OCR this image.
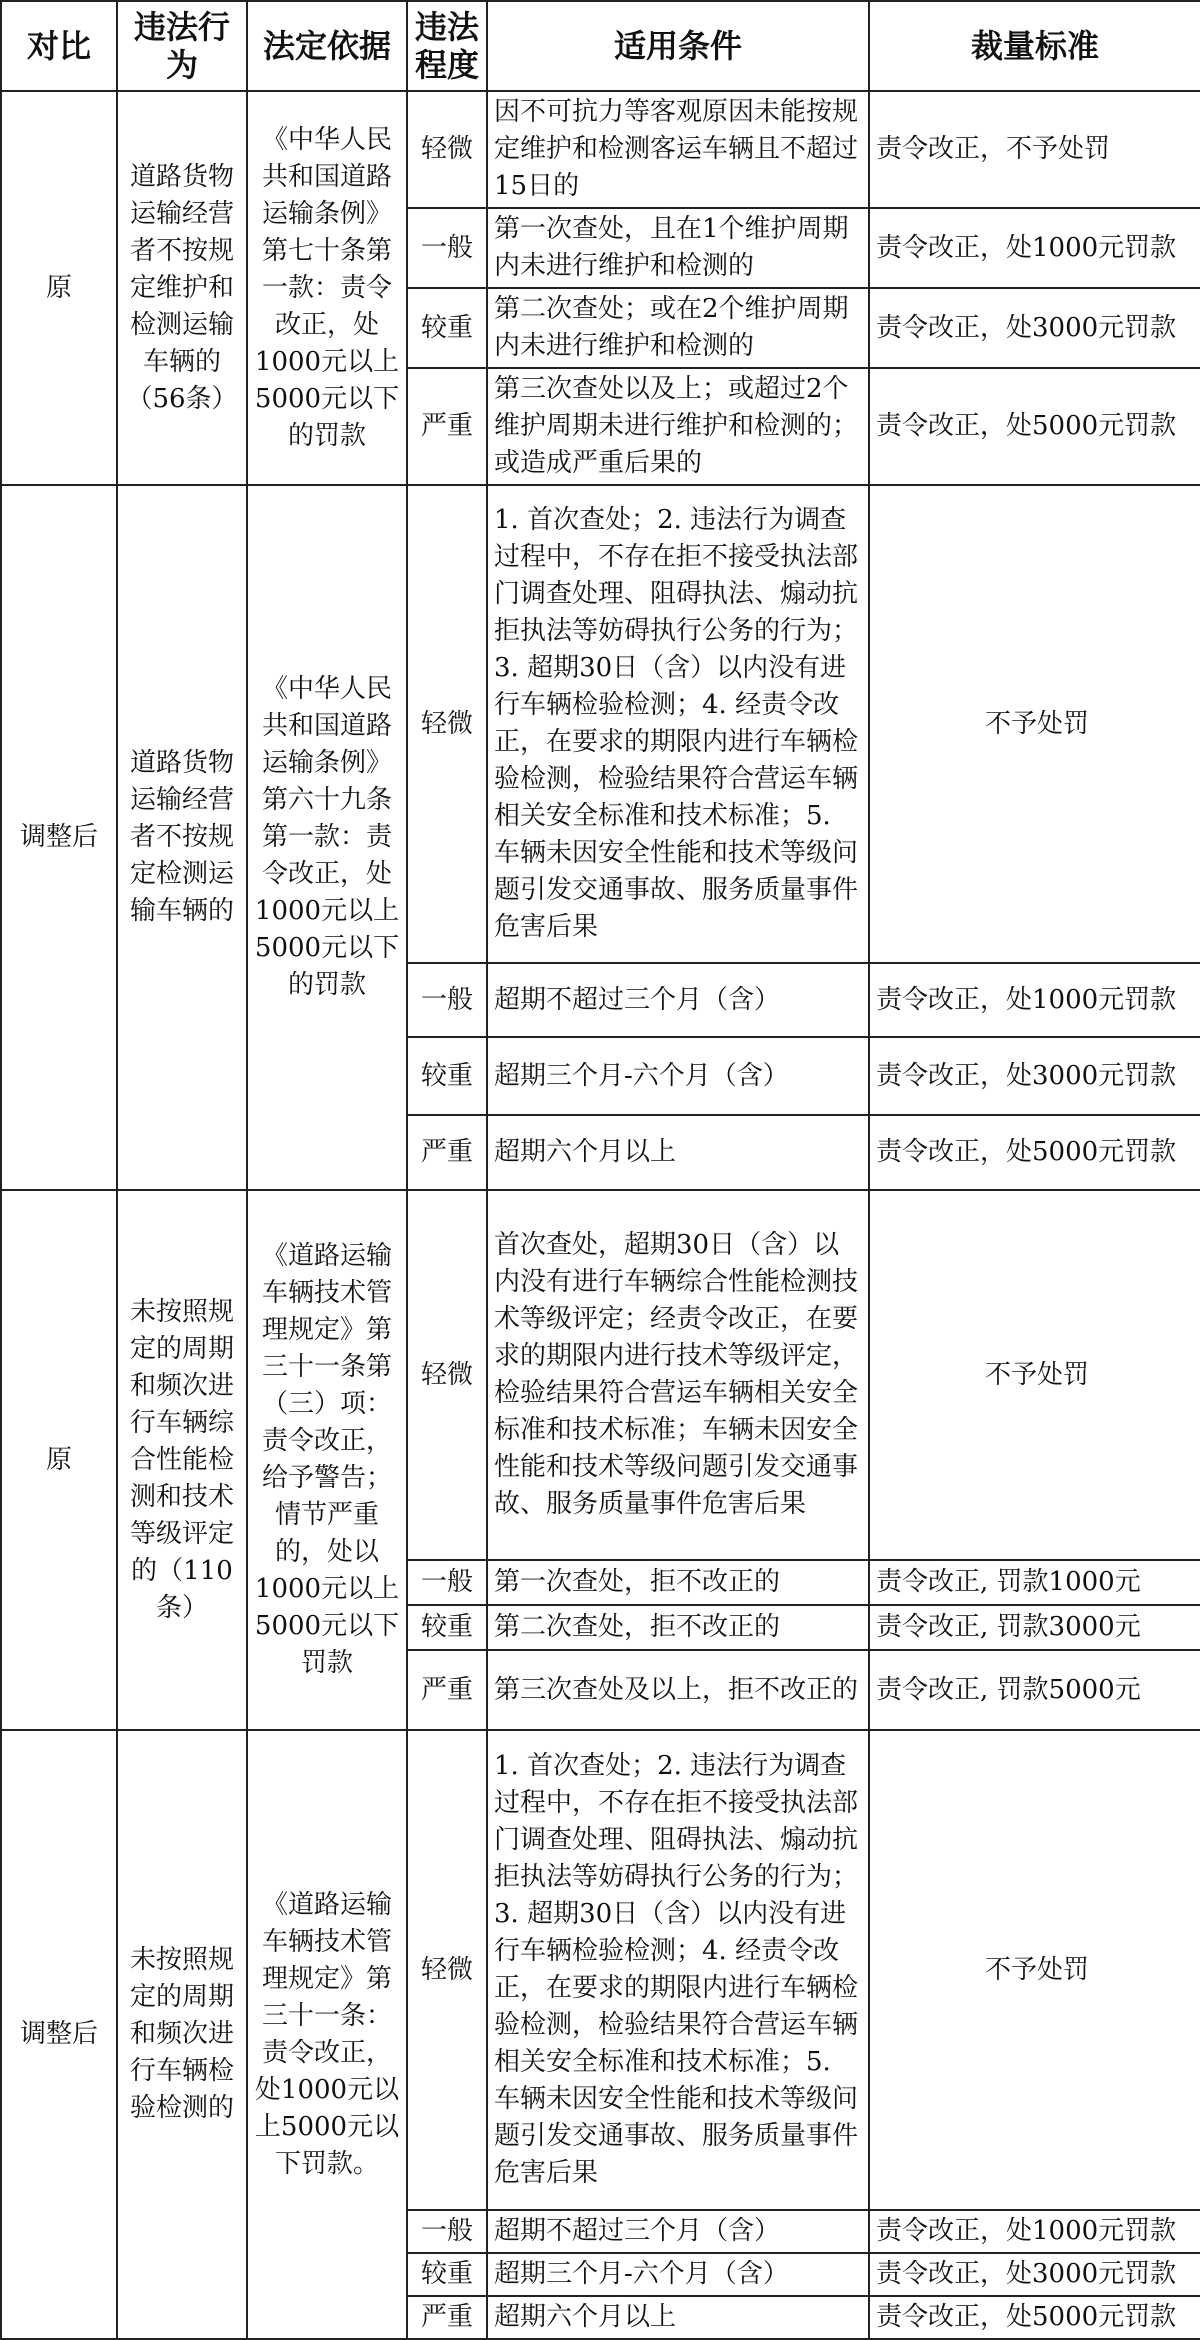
对比	违法行为	法定依据	违法程度	适用条件	裁量标准
原	道路货物运输经营者不按规定维护和检测运输车辆的（56条）	《中华人民共和国道路运输条例》第七十条第一款：责令改正，处1000元以上5000元以下的罚款	轻微	因不可抗力等客观原因未能按规定维护和检测客运车辆且不超过15日的	责令改正，不予处罚
			一般	第一次查处，且在1个维护周期内未进行维护和检测的	责令改正，处1000元罚款
			较重	第二次查处；或在2个维护周期内未进行维护和检测的	责令改正，处3000元罚款
			严重	第三次查处以及上；或超过2个维护周期未进行维护和检测的；或造成严重后果的	责令改正，处5000元罚款
调整后	道路货物运输经营者不按规定检测运输车辆的	《中华人民共和国道路运输条例》第六十九条第一款：责令改正，处1000元以上5000元以下的罚款	轻微	1. 首次查处；2. 违法行为调查过程中，不存在拒不接受执法部门调查处理、阻碍执法、煽动抗拒执法等妨碍执行公务的行为；3. 超期30日（含）以内没有进行车辆检验检测；4. 经责令改正，在要求的期限内进行车辆检验检测，检验结果符合营运车辆相关安全标准和技术标准；5. 车辆未因安全性能和技术等级问题引发交通事故、服务质量事件危害后果	不予处罚
			一般	超期不超过三个月（含）	责令改正，处1000元罚款
			较重	超期三个月-六个月（含）	责令改正，处3000元罚款
			严重	超期六个月以上	责令改正，处5000元罚款
原	未按照规定的周期和频次进行车辆综合性能检测和技术等级评定的（110条）	《道路运输车辆技术管理规定》第三十一条第（三）项：责令改正，给予警告；情节严重的，处以1000元以上5000元以下罚款	轻微	首次查处，超期30日（含）以内没有进行车辆综合性能检测技术等级评定；经责令改正，在要求的期限内进行技术等级评定，检验结果符合营运车辆相关安全标准和技术标准；车辆未因安全性能和技术等级问题引发交通事故、服务质量事件危害后果	不予处罚
			一般	第一次查处，拒不改正的	责令改正, 罚款1000元
			较重	第二次查处，拒不改正的	责令改正, 罚款3000元
			严重	第三次查处及以上，拒不改正的	责令改正, 罚款5000元
调整后	未按照规定的周期和频次进行车辆检验检测的	《道路运输车辆技术管理规定》第三十一条：责令改正，处1000元以上5000元以下罚款。	轻微	1. 首次查处；2. 违法行为调查过程中，不存在拒不接受执法部门调查处理、阻碍执法、煽动抗拒执法等妨碍执行公务的行为；3. 超期30日（含）以内没有进行车辆检验检测；4. 经责令改正，在要求的期限内进行车辆检验检测，检验结果符合营运车辆相关安全标准和技术标准；5. 车辆未因安全性能和技术等级问题引发交通事故、服务质量事件危害后果	不予处罚
			一般	超期不超过三个月（含）	责令改正，处1000元罚款
			较重	超期三个月-六个月（含）	责令改正，处3000元罚款
			严重	超期六个月以上	责令改正，处5000元罚款
